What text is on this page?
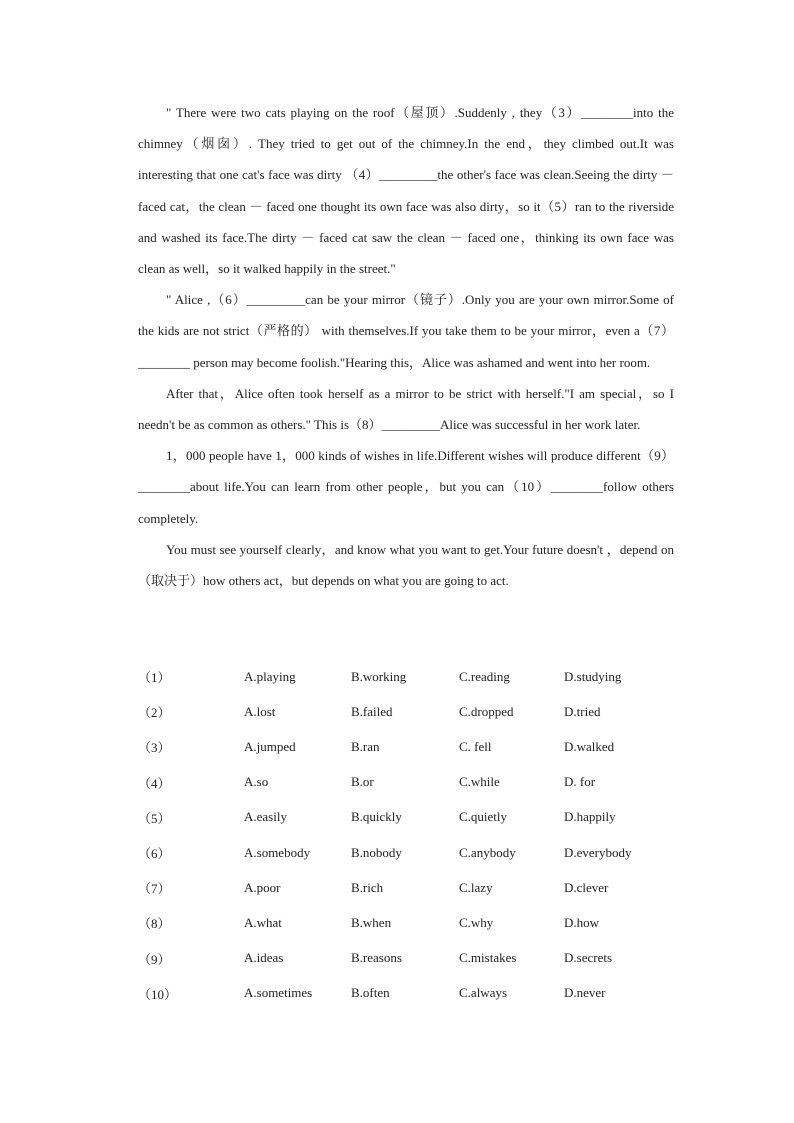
" There were two cats playing on the roof（屋顶）.Suddenly , they（3）________into the chimney（烟囱）. They tried to get out of the chimney.In the end，they climbed out.It was interesting that one cat's face was dirty （4）_________the other's face was clean.Seeing the dirty － faced cat，the clean － faced one thought its own face was also dirty，so it（5）ran to the riverside and washed its face.The dirty － faced cat saw the clean － faced one，thinking its own face was clean as well，so it walked happily in the street."

" Alice ,（6）_________can be your mirror（镜子）.Only you are your own mirror.Some of the kids are not strict（严格的） with themselves.If you take them to be your mirror，even a（7）________ person may become foolish."Hearing this，Alice was ashamed and went into her room.

After that，Alice often took herself as a mirror to be strict with herself."I am special，so I needn't be as common as others." This is（8）_________Alice was successful in her work later.

1，000 people have 1，000 kinds of wishes in life.Different wishes will produce different（9）________about life.You can learn from other people，but you can（10）________follow others completely.

You must see yourself clearly，and know what you want to get.Your future doesn't ，depend on （取决于）how others act，but depends on what you are going to act.

（1）	A.playing	B.working	C.reading	D.studying
（2）	A.lost	B.failed	C.dropped	D.tried
（3）	A.jumped	B.ran	C. fell	D.walked
（4）	A.so	B.or	C.while	D. for
（5）	A.easily	B.quickly	C.quietly	D.happily
（6）	A.somebody	B.nobody	C.anybody	D.everybody
（7）	A.poor	B.rich	C.lazy	D.clever
（8）	A.what	B.when	C.why	D.how
（9）	A.ideas	B.reasons	C.mistakes	D.secrets
（10）	A.sometimes	B.often	C.always	D.never
